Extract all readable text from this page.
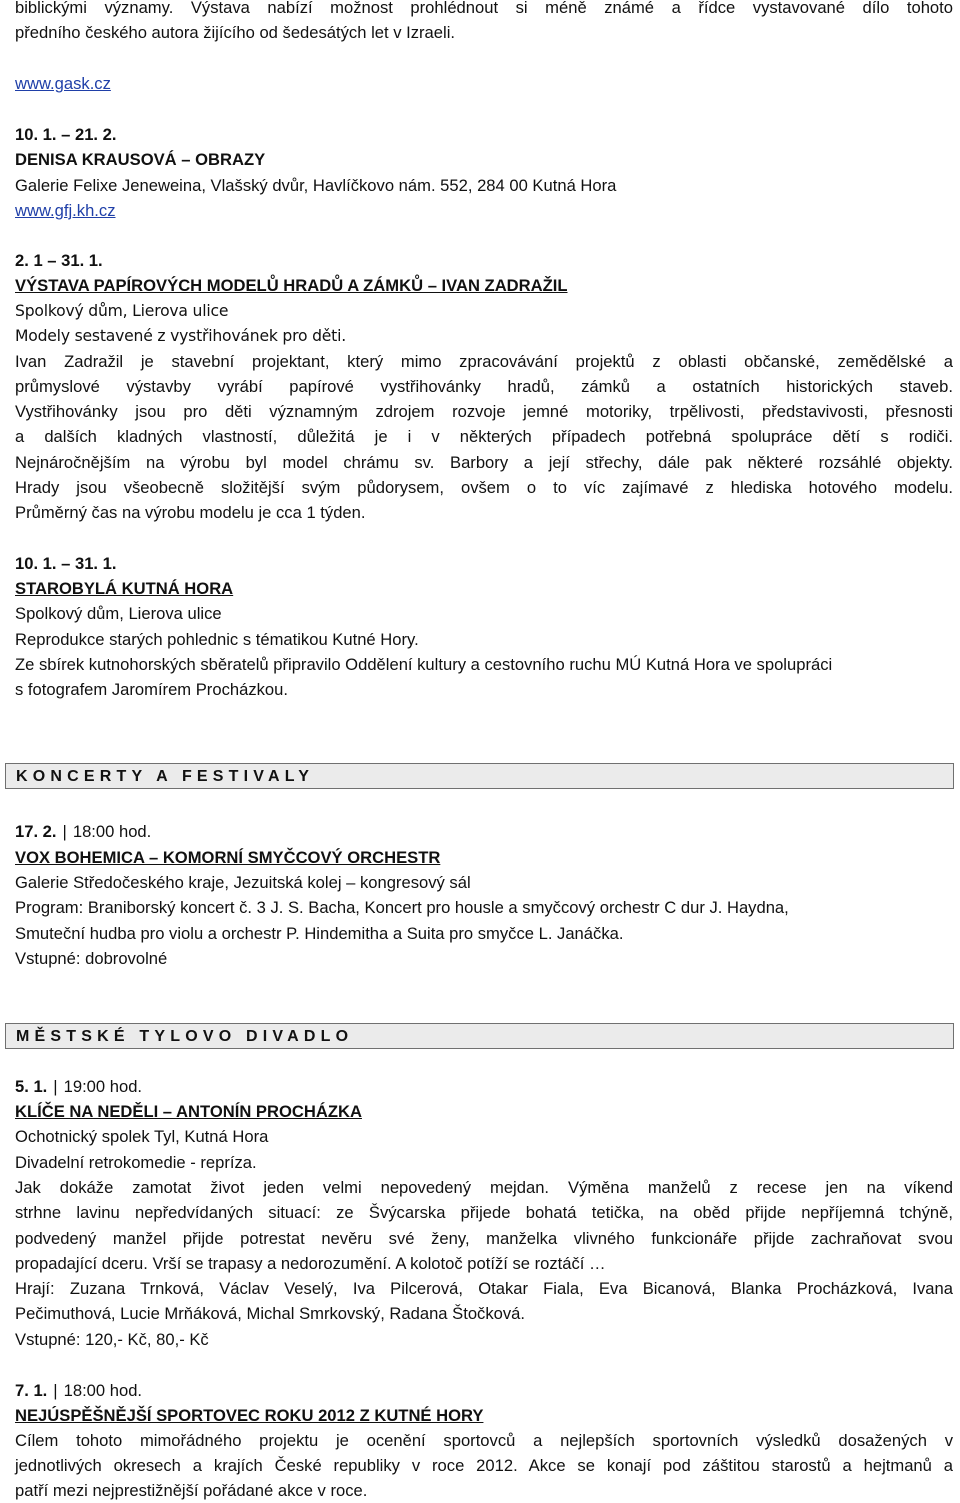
biblickými významy. Výstava nabízí možnost prohlédnout si méně známé a řídce vystavované dílo tohoto
předního českého autora žijícího od šedesátých let v Izraeli.
www.gask.cz
10. 1. – 21. 2.
DENISA KRAUSOVÁ – OBRAZY
Galerie Felixe Jeneweina, Vlašský dvůr, Havlíčkovo nám. 552, 284 00 Kutná Hora
www.gfj.kh.cz
2. 1 – 31. 1.
VÝSTAVA PAPÍROVÝCH MODELŮ HRADŮ A ZÁMKŮ – IVAN ZADRAŽIL
Spolkový dům, Lierova ulice
Modely sestavené z vystřihovánek pro děti.
Ivan Zadražil je stavební projektant, který mimo zpracovávání projektů z oblasti občanské, zemědělské a
průmyslové výstavby vyrábí papírové vystřihovánky hradů, zámků a ostatních historických staveb.
Vystřihovánky jsou pro děti významným zdrojem rozvoje jemné motoriky, trpělivosti, představivosti, přesnosti
a dalších kladných vlastností, důležitá je i v některých případech potřebná spolupráce dětí s rodiči.
Nejnáročnějším na výrobu byl model chrámu sv. Barbory a její střechy, dále pak některé rozsáhlé objekty.
Hrady jsou všeobecně složitější svým půdorysem, ovšem o to víc zajímavé z hlediska hotového modelu.
Průměrný čas na výrobu modelu je cca 1 týden.
10. 1. – 31. 1.
STAROBYLÁ KUTNÁ HORA
Spolkový dům, Lierova ulice
Reprodukce starých pohlednic s tématikou Kutné Hory.
Ze sbírek kutnohorských sběratelů připravilo Oddělení kultury a cestovního ruchu MÚ Kutná Hora ve spolupráci
s fotografem Jaromírem Procházkou.
KONCERTY A FESTIVALY
17. 2. | 18:00 hod.
VOX BOHEMICA – KOMORNÍ SMYČCOVÝ ORCHESTR
Galerie Středočeského kraje, Jezuitská kolej – kongresový sál
Program: Braniborský koncert č. 3 J. S. Bacha, Koncert pro housle a smyčcový orchestr C dur J. Haydna,
Smuteční hudba pro violu a orchestr P. Hindemitha a Suita pro smyčce L. Janáčka.
Vstupné: dobrovolné
MĚSTSKÉ TYLOVO DIVADLO
5. 1. | 19:00 hod.
KLÍČE NA NEDĚLI – ANTONÍN PROCHÁZKA
Ochotnický spolek Tyl, Kutná Hora
Divadelní retrokomedie - repríza.
Jak dokáže zamotat život jeden velmi nepovedený mejdan. Výměna manželů z recese jen na víkend
strhne lavinu nepředvídaných situací: ze Švýcarska přijede bohatá tetička, na oběd přijde nepříjemná tchýně,
podvedený manžel přijde potrestat nevěru své ženy, manželka vlivného funkcionáře přijde zachraňovat svou
propadající dceru. Vrší se trapasy a nedorozumění. A kolotoč potíží se roztáčí …
Hrají: Zuzana Trnková, Václav Veselý, Iva Pilcerová, Otakar Fiala, Eva Bicanová, Blanka Procházková, Ivana
Pečimuthová, Lucie Mrňáková, Michal Smrkovský, Radana Štočková.
Vstupné: 120,- Kč, 80,- Kč
7. 1. | 18:00 hod.
NEJÚSPĚŠNĚJŠÍ SPORTOVEC ROKU 2012 Z KUTNÉ HORY
Cílem tohoto mimořádného projektu je ocenění sportovců a nejlepších sportovních výsledků dosažených v
jednotlivých okresech a krajích České republiky v roce 2012. Akce se konají pod záštitou starostů a hejtmanů a
patří mezi nejprestižnější pořádané akce v roce.
